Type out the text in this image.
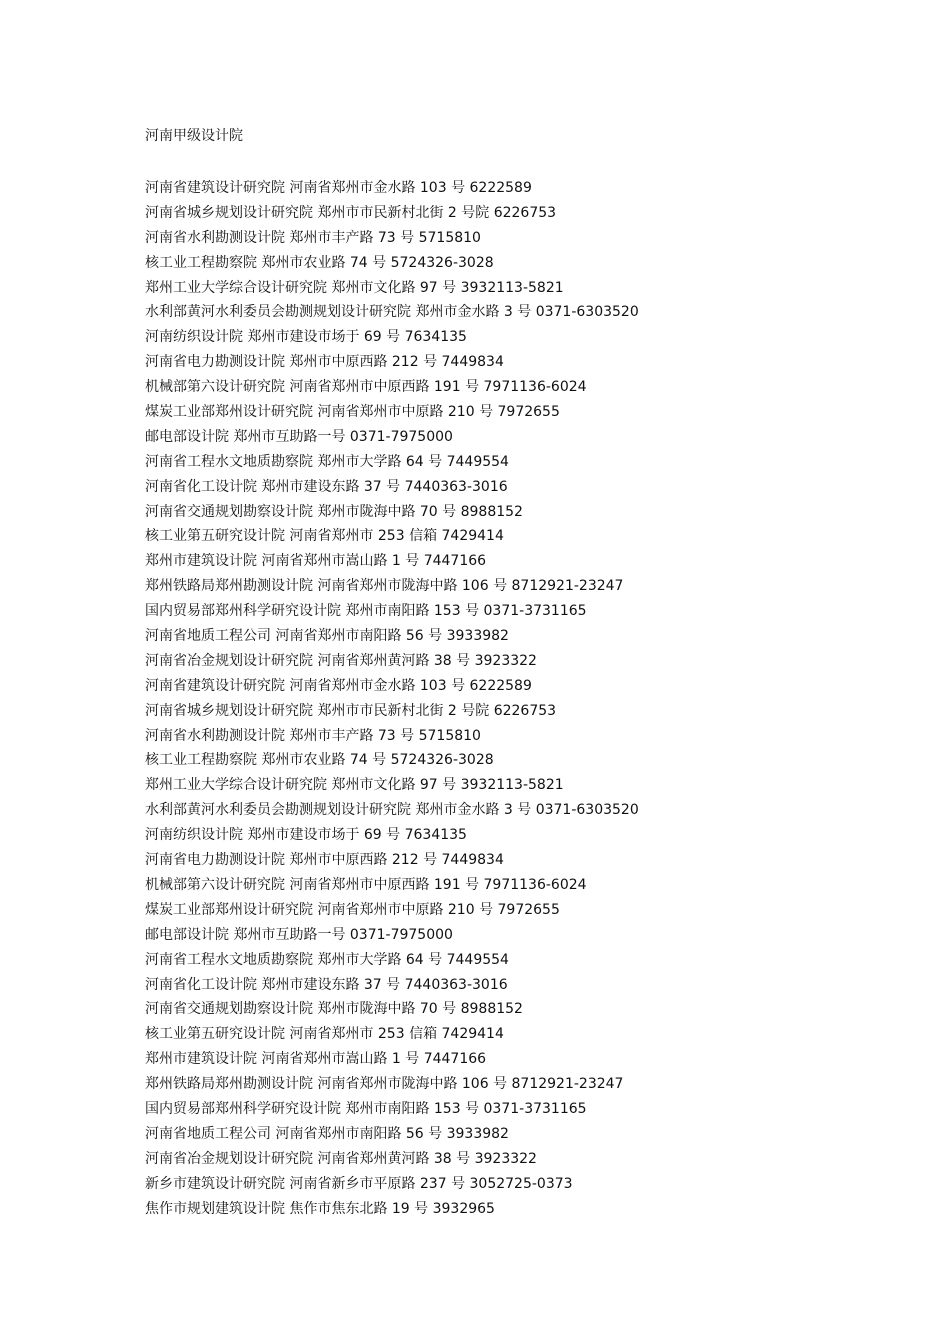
河南甲级设计院
河南省建筑设计研究院 河南省郑州市金水路 103 号 6222589
河南省城乡规划设计研究院 郑州市市民新村北街 2 号院 6226753
河南省水利勘测设计院 郑州市丰产路 73 号 5715810
核工业工程勘察院 郑州市农业路 74 号 5724326-3028
郑州工业大学综合设计研究院 郑州市文化路 97 号 3932113-5821
水利部黄河水利委员会勘测规划设计研究院 郑州市金水路 3 号 0371-6303520
河南纺织设计院 郑州市建设市场于 69 号 7634135
河南省电力勘测设计院 郑州市中原西路 212 号 7449834
机械部第六设计研究院 河南省郑州市中原西路 191 号 7971136-6024
煤炭工业部郑州设计研究院 河南省郑州市中原路 210 号 7972655
邮电部设计院 郑州市互助路一号 0371-7975000
河南省工程水文地质勘察院 郑州市大学路 64 号 7449554
河南省化工设计院 郑州市建设东路 37 号 7440363-3016
河南省交通规划勘察设计院 郑州市陇海中路 70 号 8988152
核工业第五研究设计院 河南省郑州市 253 信箱 7429414
郑州市建筑设计院 河南省郑州市嵩山路 1 号 7447166
郑州铁路局郑州勘测设计院 河南省郑州市陇海中路 106 号 8712921-23247
国内贸易部郑州科学研究设计院 郑州市南阳路 153 号 0371-3731165
河南省地质工程公司 河南省郑州市南阳路 56 号 3933982
河南省冶金规划设计研究院 河南省郑州黄河路 38 号 3923322
河南省建筑设计研究院 河南省郑州市金水路 103 号 6222589
河南省城乡规划设计研究院 郑州市市民新村北街 2 号院 6226753
河南省水利勘测设计院 郑州市丰产路 73 号 5715810
核工业工程勘察院 郑州市农业路 74 号 5724326-3028
郑州工业大学综合设计研究院 郑州市文化路 97 号 3932113-5821
水利部黄河水利委员会勘测规划设计研究院 郑州市金水路 3 号 0371-6303520
河南纺织设计院 郑州市建设市场于 69 号 7634135
河南省电力勘测设计院 郑州市中原西路 212 号 7449834
机械部第六设计研究院 河南省郑州市中原西路 191 号 7971136-6024
煤炭工业部郑州设计研究院 河南省郑州市中原路 210 号 7972655
邮电部设计院 郑州市互助路一号 0371-7975000
河南省工程水文地质勘察院 郑州市大学路 64 号 7449554
河南省化工设计院 郑州市建设东路 37 号 7440363-3016
河南省交通规划勘察设计院 郑州市陇海中路 70 号 8988152
核工业第五研究设计院 河南省郑州市 253 信箱 7429414
郑州市建筑设计院 河南省郑州市嵩山路 1 号 7447166
郑州铁路局郑州勘测设计院 河南省郑州市陇海中路 106 号 8712921-23247
国内贸易部郑州科学研究设计院 郑州市南阳路 153 号 0371-3731165
河南省地质工程公司 河南省郑州市南阳路 56 号 3933982
河南省冶金规划设计研究院 河南省郑州黄河路 38 号 3923322
新乡市建筑设计研究院 河南省新乡市平原路 237 号 3052725-0373
焦作市规划建筑设计院 焦作市焦东北路 19 号 3932965
